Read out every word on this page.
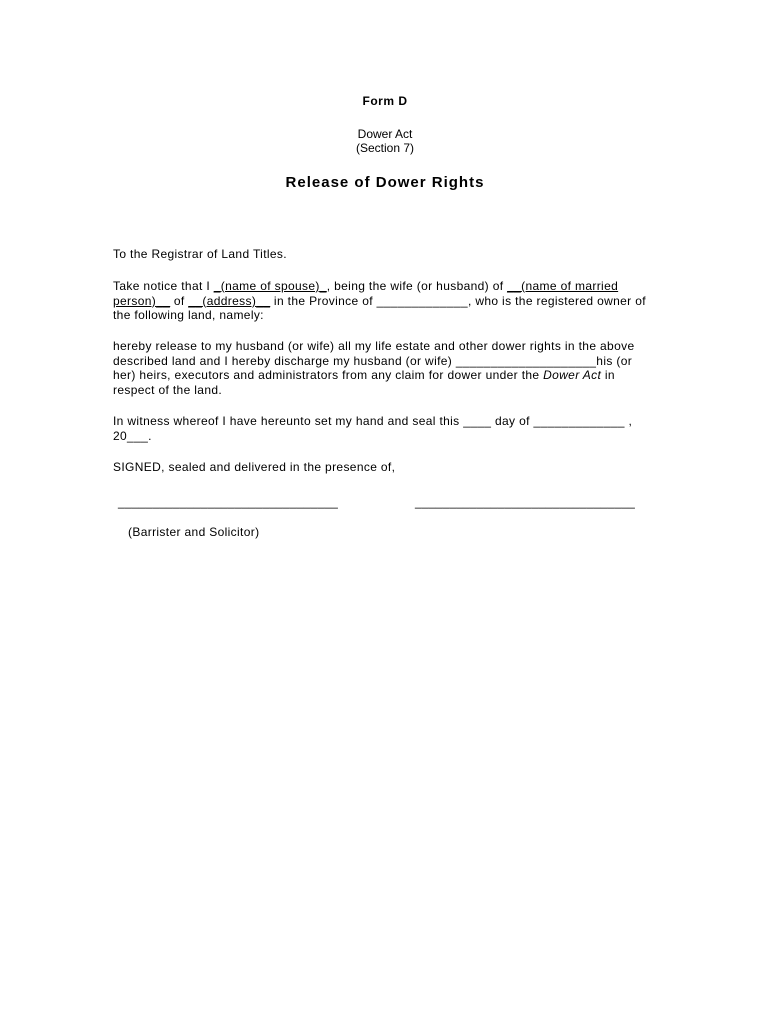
Form D
Dower Act
(Section 7)
Release of Dower Rights

To the Registrar of Land Titles.

Take notice that I _(name of spouse)_, being the wife (or husband) of __(name of married person)__ of __(address)__ in the Province of _____________, who is the registered owner of the following land, namely:

hereby release to my husband (or wife) all my life estate and other dower rights in the above described land and I hereby discharge my husband (or wife) ____________________his (or her) heirs, executors and administrators from any claim for dower under the Dower Act in respect of the land.

In witness whereof I have hereunto set my hand and seal this ____ day of _____________ , 20___.

SIGNED, sealed and delivered in the presence of,

________________________________	________________________________

(Barrister and Solicitor)
